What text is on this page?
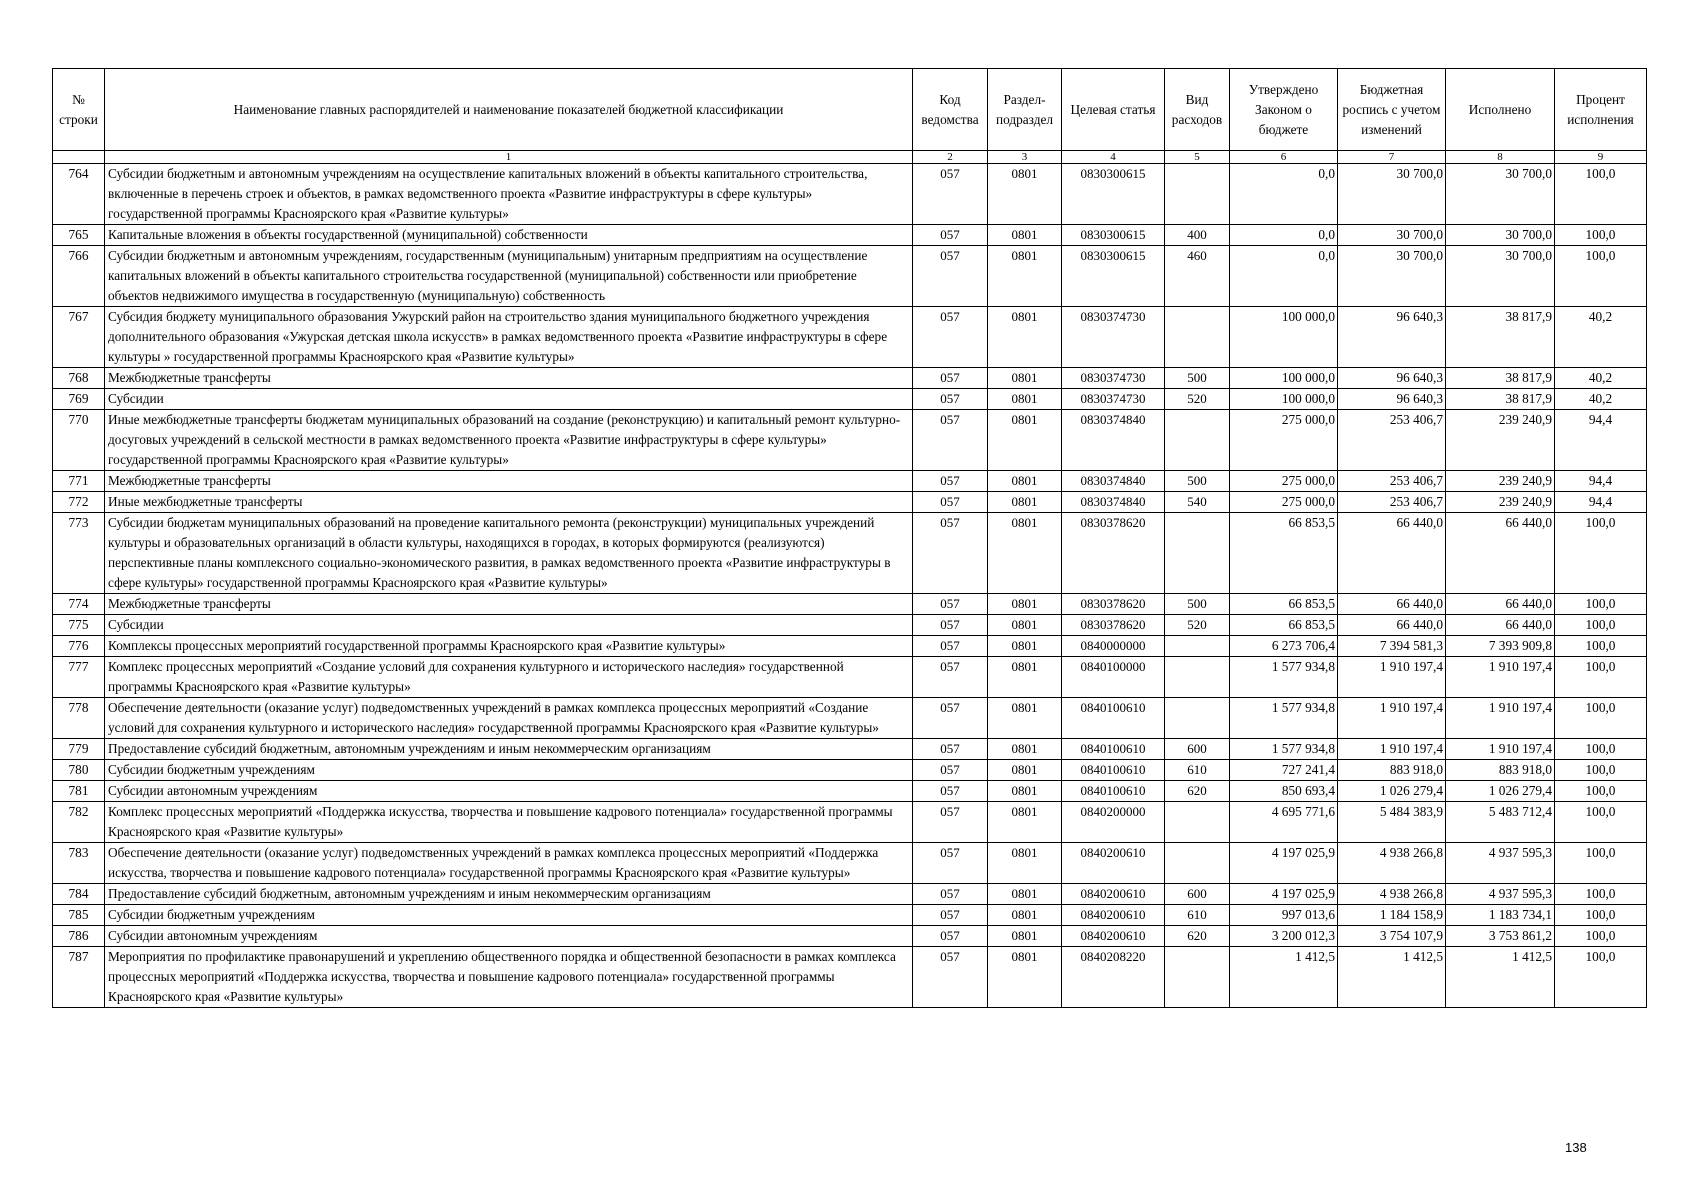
№ строки	Наименование главных распорядителей и наименование показателей бюджетной классификации	Код ведомства	Раздел-подраздел	Целевая статья	Вид расходов	Утверждено Законом о бюджете	Бюджетная роспись с учетом изменений	Исполнено	Процент исполнения
	1	2	3	4	5	6	7	8	9
764	Субсидии бюджетным и автономным учреждениям на осуществление капитальных вложений в объекты капитального строительства, включенные в перечень строек и объектов, в рамках ведомственного проекта «Развитие инфраструктуры в сфере культуры» государственной программы Красноярского края «Развитие культуры»	057	0801	0830300615		0,0	30 700,0	30 700,0	100,0
765	Капитальные вложения в объекты государственной (муниципальной) собственности	057	0801	0830300615	400	0,0	30 700,0	30 700,0	100,0
766	Субсидии бюджетным и автономным учреждениям, государственным (муниципальным) унитарным предприятиям на осуществление капитальных вложений в объекты капитального строительства государственной (муниципальной) собственности или приобретение объектов недвижимого имущества в государственную (муниципальную) собственность	057	0801	0830300615	460	0,0	30 700,0	30 700,0	100,0
767	Субсидия бюджету муниципального образования Ужурский район на строительство здания муниципального бюджетного учреждения дополнительного образования «Ужурская детская школа искусств» в рамках ведомственного проекта «Развитие инфраструктуры в сфере культуры » государственной программы Красноярского края «Развитие культуры»	057	0801	0830374730		100 000,0	96 640,3	38 817,9	40,2
768	Межбюджетные трансферты	057	0801	0830374730	500	100 000,0	96 640,3	38 817,9	40,2
769	Субсидии	057	0801	0830374730	520	100 000,0	96 640,3	38 817,9	40,2
770	Иные межбюджетные трансферты бюджетам муниципальных образований на создание (реконструкцию) и капитальный ремонт культурно-досуговых учреждений в сельской местности в рамках ведомственного проекта «Развитие инфраструктуры в сфере культуры» государственной программы Красноярского края «Развитие культуры»	057	0801	0830374840		275 000,0	253 406,7	239 240,9	94,4
771	Межбюджетные трансферты	057	0801	0830374840	500	275 000,0	253 406,7	239 240,9	94,4
772	Иные межбюджетные трансферты	057	0801	0830374840	540	275 000,0	253 406,7	239 240,9	94,4
773	Субсидии бюджетам муниципальных образований на проведение капитального ремонта (реконструкции) муниципальных учреждений культуры и образовательных организаций в области культуры, находящихся в городах, в которых формируются (реализуются) перспективные планы комплексного социально-экономического развития, в рамках ведомственного проекта «Развитие инфраструктуры в сфере культуры» государственной программы Красноярского края «Развитие культуры»	057	0801	0830378620		66 853,5	66 440,0	66 440,0	100,0
774	Межбюджетные трансферты	057	0801	0830378620	500	66 853,5	66 440,0	66 440,0	100,0
775	Субсидии	057	0801	0830378620	520	66 853,5	66 440,0	66 440,0	100,0
776	Комплексы процессных мероприятий государственной программы Красноярского края «Развитие культуры»	057	0801	0840000000		6 273 706,4	7 394 581,3	7 393 909,8	100,0
777	Комплекс процессных мероприятий «Создание условий для сохранения культурного и исторического наследия» государственной программы Красноярского края «Развитие культуры»	057	0801	0840100000		1 577 934,8	1 910 197,4	1 910 197,4	100,0
778	Обеспечение деятельности (оказание услуг) подведомственных учреждений в рамках комплекса процессных мероприятий «Создание условий для сохранения культурного и исторического наследия» государственной программы Красноярского края «Развитие культуры»	057	0801	0840100610		1 577 934,8	1 910 197,4	1 910 197,4	100,0
779	Предоставление субсидий бюджетным, автономным учреждениям и иным некоммерческим организациям	057	0801	0840100610	600	1 577 934,8	1 910 197,4	1 910 197,4	100,0
780	Субсидии бюджетным учреждениям	057	0801	0840100610	610	727 241,4	883 918,0	883 918,0	100,0
781	Субсидии автономным учреждениям	057	0801	0840100610	620	850 693,4	1 026 279,4	1 026 279,4	100,0
782	Комплекс процессных мероприятий «Поддержка искусства, творчества и повышение кадрового потенциала» государственной программы Красноярского края «Развитие культуры»	057	0801	0840200000		4 695 771,6	5 484 383,9	5 483 712,4	100,0
783	Обеспечение деятельности (оказание услуг) подведомственных учреждений в рамках комплекса процессных мероприятий «Поддержка искусства, творчества и повышение кадрового потенциала» государственной программы Красноярского края «Развитие культуры»	057	0801	0840200610		4 197 025,9	4 938 266,8	4 937 595,3	100,0
784	Предоставление субсидий бюджетным, автономным учреждениям и иным некоммерческим организациям	057	0801	0840200610	600	4 197 025,9	4 938 266,8	4 937 595,3	100,0
785	Субсидии бюджетным учреждениям	057	0801	0840200610	610	997 013,6	1 184 158,9	1 183 734,1	100,0
786	Субсидии автономным учреждениям	057	0801	0840200610	620	3 200 012,3	3 754 107,9	3 753 861,2	100,0
787	Мероприятия по профилактике правонарушений и укреплению общественного порядка и общественной безопасности в рамках комплекса процессных мероприятий «Поддержка искусства, творчества и повышение кадрового потенциала» государственной программы Красноярского края «Развитие культуры»	057	0801	0840208220		1 412,5	1 412,5	1 412,5	100,0
138
